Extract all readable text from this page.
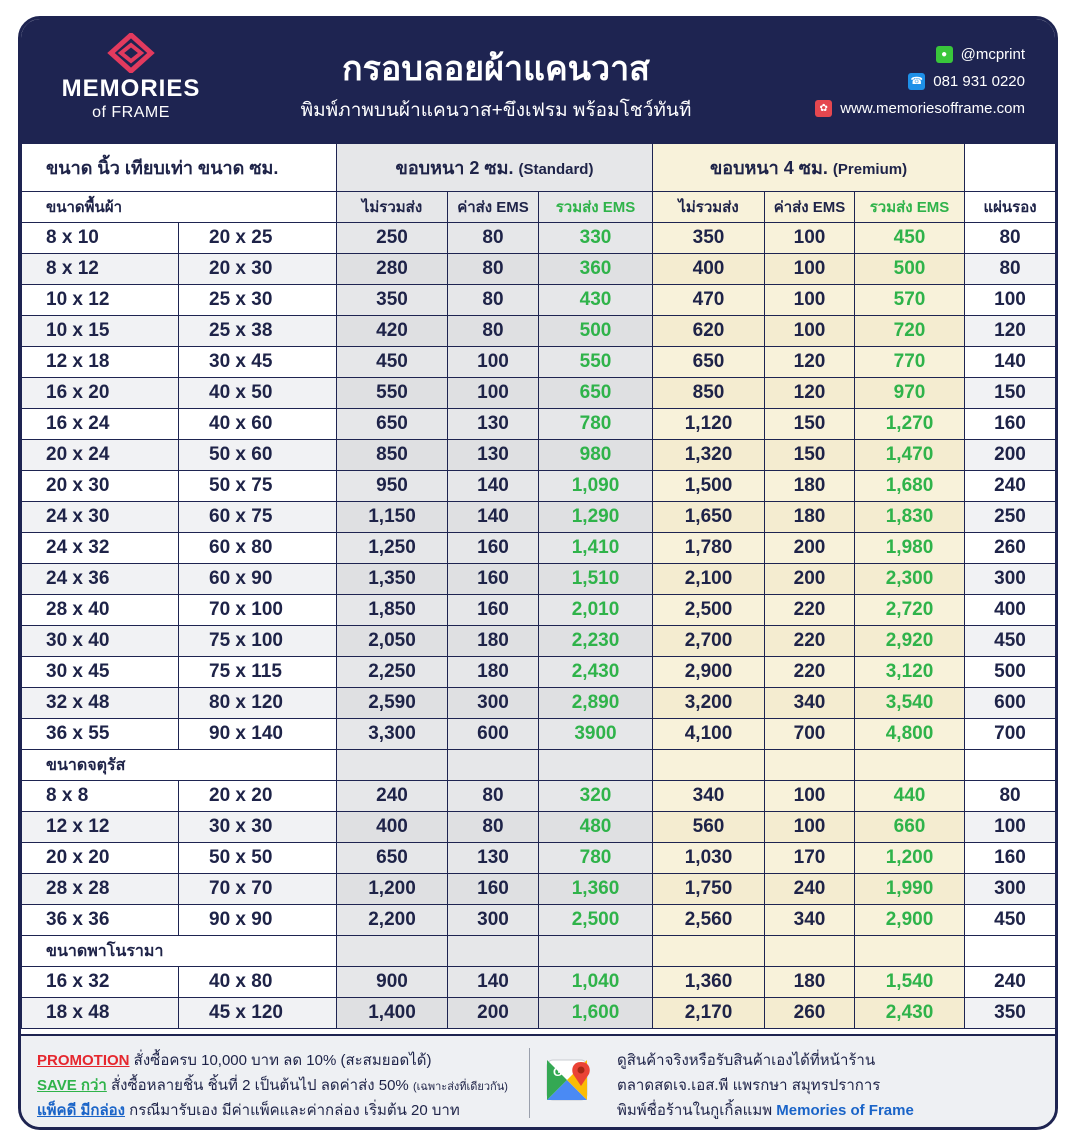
MEMORIES
of FRAME
กรอบลอยผ้าแคนวาส
พิมพ์ภาพบนผ้าแคนวาส+ขึงเฟรม พร้อมโชว์ทันที
● @mcprint
☎ 081 931 0220
✿ www.memoriesofframe.com
ขนาด นิ้ว เทียบเท่า ขนาด ซม.		ขอบหนา 2 ซม. (Standard)			ขอบหนา 4 ซม. (Premium)			
ขนาดพื้นผ้า		ไม่รวมส่ง	ค่าส่ง EMS	รวมส่ง EMS	ไม่รวมส่ง	ค่าส่ง EMS	รวมส่ง EMS	แผ่นรอง
8 x 10	20 x 25	250	80	330	350	100	450	80
8 x 12	20 x 30	280	80	360	400	100	500	80
10 x 12	25 x 30	350	80	430	470	100	570	100
10 x 15	25 x 38	420	80	500	620	100	720	120
12 x 18	30 x 45	450	100	550	650	120	770	140
16 x 20	40 x 50	550	100	650	850	120	970	150
16 x 24	40 x 60	650	130	780	1,120	150	1,270	160
20 x 24	50 x 60	850	130	980	1,320	150	1,470	200
20 x 30	50 x 75	950	140	1,090	1,500	180	1,680	240
24 x 30	60 x 75	1,150	140	1,290	1,650	180	1,830	250
24 x 32	60 x 80	1,250	160	1,410	1,780	200	1,980	260
24 x 36	60 x 90	1,350	160	1,510	2,100	200	2,300	300
28 x 40	70 x 100	1,850	160	2,010	2,500	220	2,720	400
30 x 40	75 x 100	2,050	180	2,230	2,700	220	2,920	450
30 x 45	75 x 115	2,250	180	2,430	2,900	220	3,120	500
32 x 48	80 x 120	2,590	300	2,890	3,200	340	3,540	600
36 x 55	90 x 140	3,300	600	3900	4,100	700	4,800	700
ขนาดจตุรัส								
8 x 8	20 x 20	240	80	320	340	100	440	80
12 x 12	30 x 30	400	80	480	560	100	660	100
20 x 20	50 x 50	650	130	780	1,030	170	1,200	160
28 x 28	70 x 70	1,200	160	1,360	1,750	240	1,990	300
36 x 36	90 x 90	2,200	300	2,500	2,560	340	2,900	450
ขนาดพาโนรามา								
16 x 32	40 x 80	900	140	1,040	1,360	180	1,540	240
18 x 48	45 x 120	1,400	200	1,600	2,170	260	2,430	350
PROMOTION สั่งซื้อครบ 10,000 บาท ลด 10% (สะสมยอดได้)
SAVE กว่า สั่งซื้อหลายชิ้น ชิ้นที่ 2 เป็นต้นไป ลดค่าส่ง 50% (เฉพาะส่งที่เดียวกัน)
แพ็คดี มีกล่อง กรณีมารับเอง มีค่าแพ็คและค่ากล่อง เริ่มต้น 20 บาท
G
ดูสินค้าจริงหรือรับสินค้าเองได้ที่หน้าร้าน
ตลาดสดเจ.เอส.พี แพรกษา สมุทรปราการ
พิมพ์ชื่อร้านในกูเกิ้ลแมพ Memories of Frame
